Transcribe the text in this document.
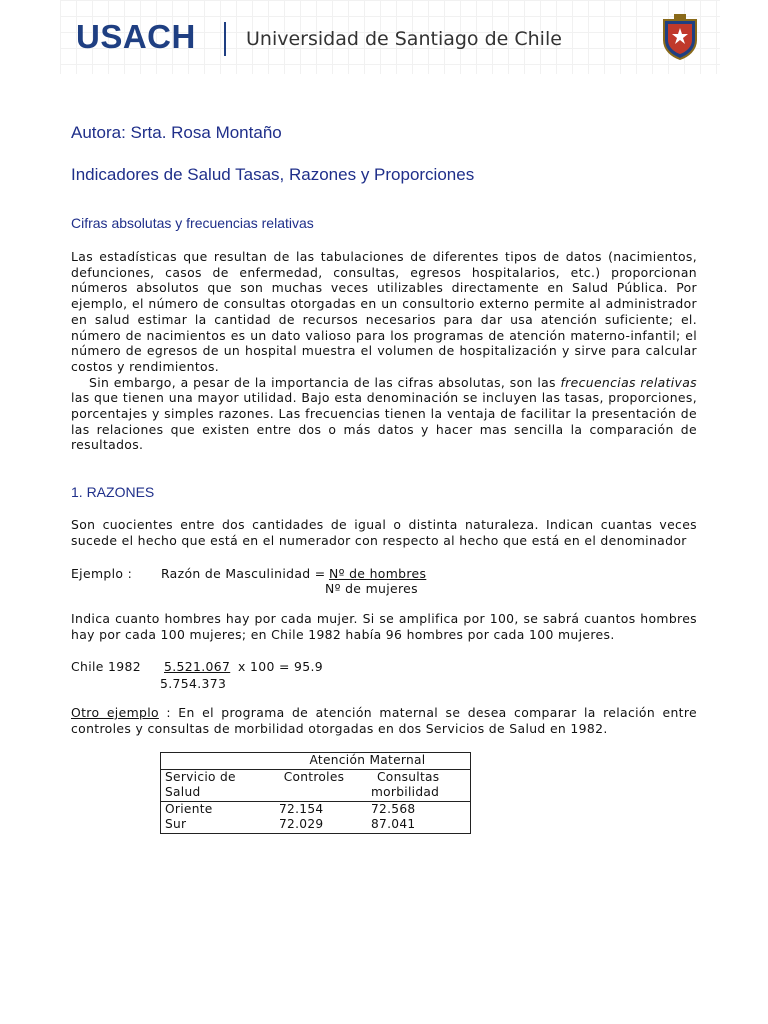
USACH	Universidad de Santiago de Chile
Autora: Srta. Rosa Montaño
Indicadores de Salud Tasas, Razones y Proporciones
Cifras absolutas y frecuencias relativas
Las estadísticas que resultan de las tabulaciones de diferentes tipos de datos (nacimientos, defunciones, casos de enfermedad, consultas, egresos hospitalarios, etc.) proporcionan números absolutos que son muchas veces utilizables directamente en Salud Pública. Por ejemplo, el número de consultas otorgadas en un consultorio externo permite al administrador en salud estimar la cantidad de recursos necesarios para dar usa atención suficiente; el. número de nacimientos es un dato valioso para los programas de atención materno-infantil; el número de egresos de un hospital muestra el volumen de hospitalización y sirve para calcular costos y rendimientos.
Sin embargo, a pesar de la importancia de las cifras absolutas, son las frecuencias relativas las que tienen una mayor utilidad. Bajo esta denominación se incluyen las tasas, proporciones, porcentajes y simples razones. Las frecuencias tienen la ventaja de facilitar la presentación de las relaciones que existen entre dos o más datos y hacer mas sencilla la comparación de resultados.
1. RAZONES
Son cuocientes entre dos cantidades de igual o distinta naturaleza. Indican cuantas veces sucede el hecho que está en el numerador con respecto al hecho que está en el denominador
Ejemplo : Razón de Masculinidad = Nº de hombres
Nº de mujeres
Indica cuanto hombres hay por cada mujer. Si se amplifica por 100, se sabrá cuantos hombres hay por cada 100 mujeres; en Chile 1982 había 96 hombres por cada 100 mujeres.
Chile 1982 5.521.067 x 100 = 95.9
5.754.373
Otro ejemplo : En el programa de atención maternal se desea comparar la relación entre controles y consultas de morbilidad otorgadas en dos Servicios de Salud en 1982.
	Atención Maternal	
Servicio de
Salud	Controles	Consultas
morbilidad
Oriente	72.154	72.568
Sur	72.029	87.041
